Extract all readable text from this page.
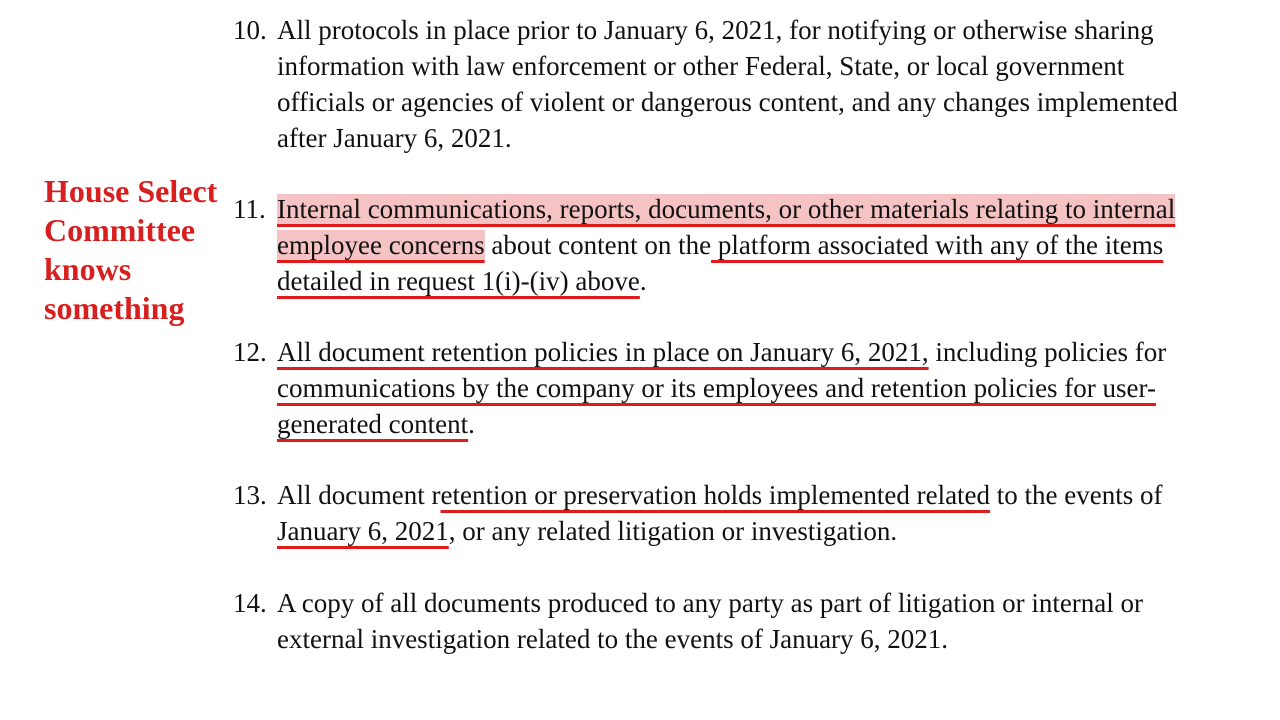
House Select
Committee
knows
something
10. All protocols in place prior to January 6, 2021, for notifying or otherwise sharing
information with law enforcement or other Federal, State, or local government
officials or agencies of violent or dangerous content, and any changes implemented
after January 6, 2021.
11. Internal communications, reports, documents, or other materials relating to internal
employee concerns about content on the platform associated with any of the items
detailed in request 1(i)-(iv) above.
12. All document retention policies in place on January 6, 2021, including policies for
communications by the company or its employees and retention policies for user-
generated content.
13. All document retention or preservation holds implemented related to the events of
January 6, 2021, or any related litigation or investigation.
14. A copy of all documents produced to any party as part of litigation or internal or
external investigation related to the events of January 6, 2021.
